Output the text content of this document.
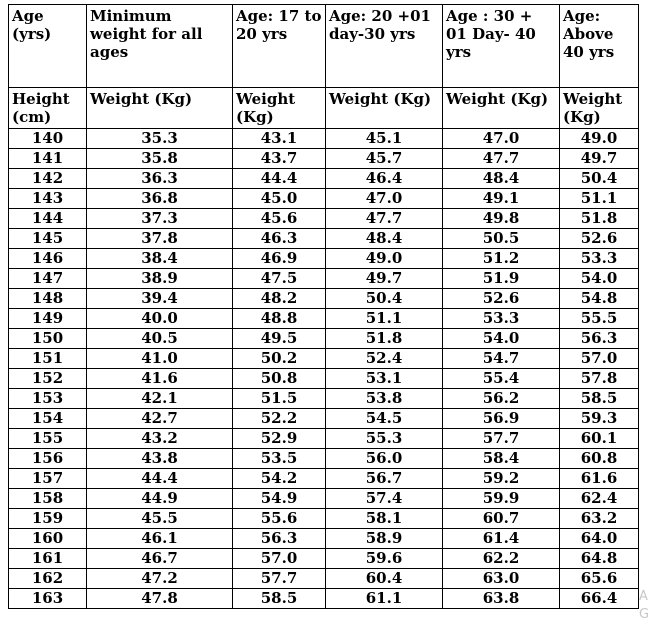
Age (yrs)	Minimum weight for all ages	Age: 17 to 20 yrs	Age: 20 +01 day-30 yrs	Age : 30 + 01 Day- 40 yrs	Age: Above 40 yrs
Height (cm)	Weight (Kg)	Weight (Kg)	Weight (Kg)	Weight (Kg)	Weight (Kg)
140	35.3	43.1	45.1	47.0	49.0
141	35.8	43.7	45.7	47.7	49.7
142	36.3	44.4	46.4	48.4	50.4
143	36.8	45.0	47.0	49.1	51.1
144	37.3	45.6	47.7	49.8	51.8
145	37.8	46.3	48.4	50.5	52.6
146	38.4	46.9	49.0	51.2	53.3
147	38.9	47.5	49.7	51.9	54.0
148	39.4	48.2	50.4	52.6	54.8
149	40.0	48.8	51.1	53.3	55.5
150	40.5	49.5	51.8	54.0	56.3
151	41.0	50.2	52.4	54.7	57.0
152	41.6	50.8	53.1	55.4	57.8
153	42.1	51.5	53.8	56.2	58.5
154	42.7	52.2	54.5	56.9	59.3
155	43.2	52.9	55.3	57.7	60.1
156	43.8	53.5	56.0	58.4	60.8
157	44.4	54.2	56.7	59.2	61.6
158	44.9	54.9	57.4	59.9	62.4
159	45.5	55.6	58.1	60.7	63.2
160	46.1	56.3	58.9	61.4	64.0
161	46.7	57.0	59.6	62.2	64.8
162	47.2	57.7	60.4	63.0	65.6
163	47.8	58.5	61.1	63.8	66.4 A G
